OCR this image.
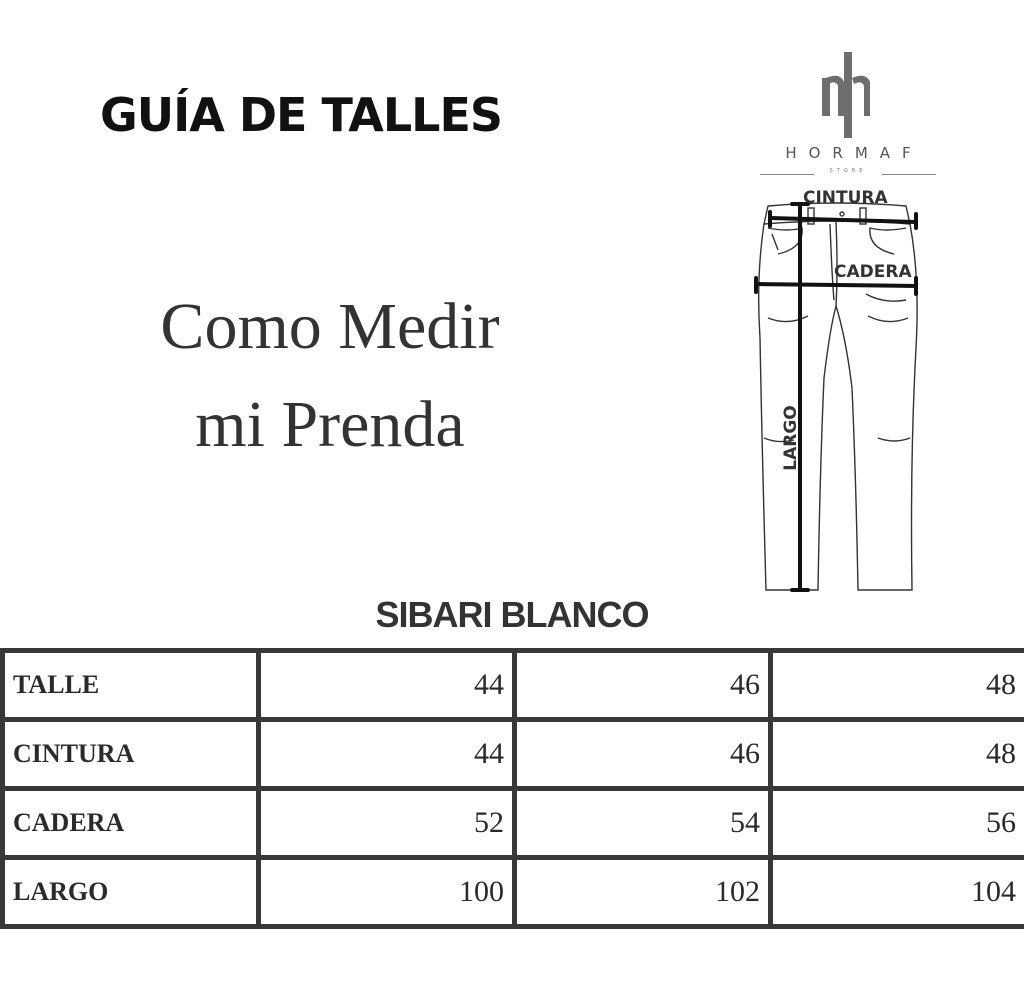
GUÍA DE TALLES
Como Medir
mi Prenda
HORMAF
STORE
CINTURA
CADERA
LARGO
SIBARI BLANCO
TALLE	44	46	48
CINTURA	44	46	48
CADERA	52	54	56
LARGO	100	102	104
